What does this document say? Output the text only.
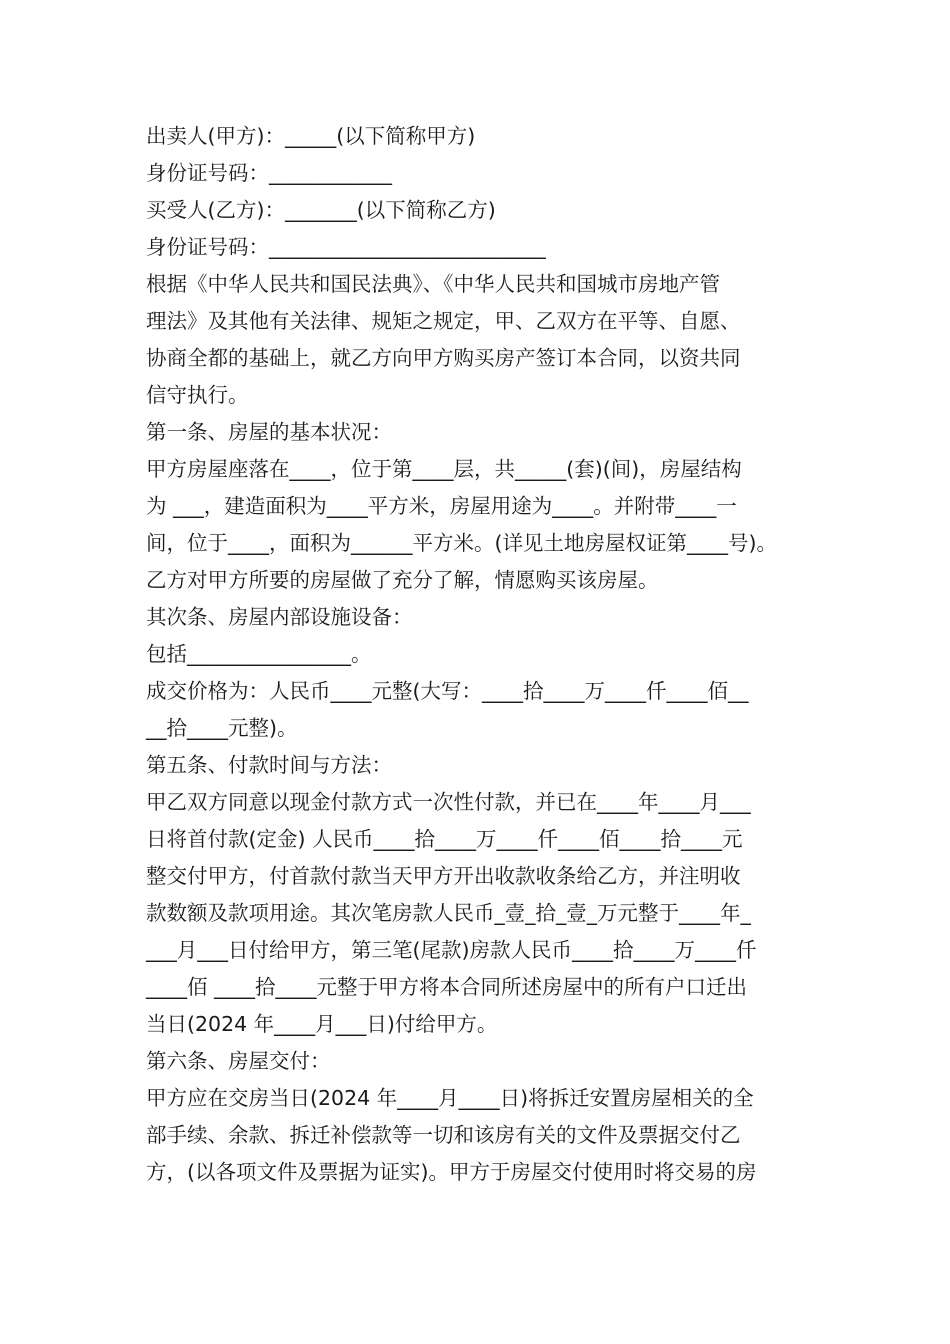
出卖人(甲方)：_____(以下简称甲方)
身份证号码：____________
买受人(乙方)：_______(以下简称乙方)
身份证号码：___________________________
根据《中华人民共和国民法典》、《中华人民共和国城市房地产管
理法》及其他有关法律、规矩之规定，甲、乙双方在平等、自愿、
协商全都的基础上，就乙方向甲方购买房产签订本合同，以资共同
信守执行。
第一条、房屋的基本状况：
甲方房屋座落在____，位于第____层，共_____(套)(间)，房屋结构
为 ___，建造面积为____平方米，房屋用途为____。并附带____一
间，位于____，面积为______平方米。(详见土地房屋权证第____号)。
乙方对甲方所要的房屋做了充分了解，情愿购买该房屋。
其次条、房屋内部设施设备：
包括________________。
成交价格为：人民币____元整(大写：____拾____万____仟____佰__
__拾____元整)。
第五条、付款时间与方法：
甲乙双方同意以现金付款方式一次性付款，并已在____年____月___
日将首付款(定金) 人民币____拾____万____仟____佰____拾____元
整交付甲方，付首款付款当天甲方开出收款收条给乙方，并注明收
款数额及款项用途。其次笔房款人民币_壹_拾_壹_万元整于____年_
___月___日付给甲方，第三笔(尾款)房款人民币____拾____万____仟
____佰 ____拾____元整于甲方将本合同所述房屋中的所有户口迁出
当日(2024 年____月___日)付给甲方。
第六条、房屋交付：
甲方应在交房当日(2024 年____月____日)将拆迁安置房屋相关的全
部手续、余款、拆迁补偿款等一切和该房有关的文件及票据交付乙
方，(以各项文件及票据为证实)。甲方于房屋交付使用时将交易的房
